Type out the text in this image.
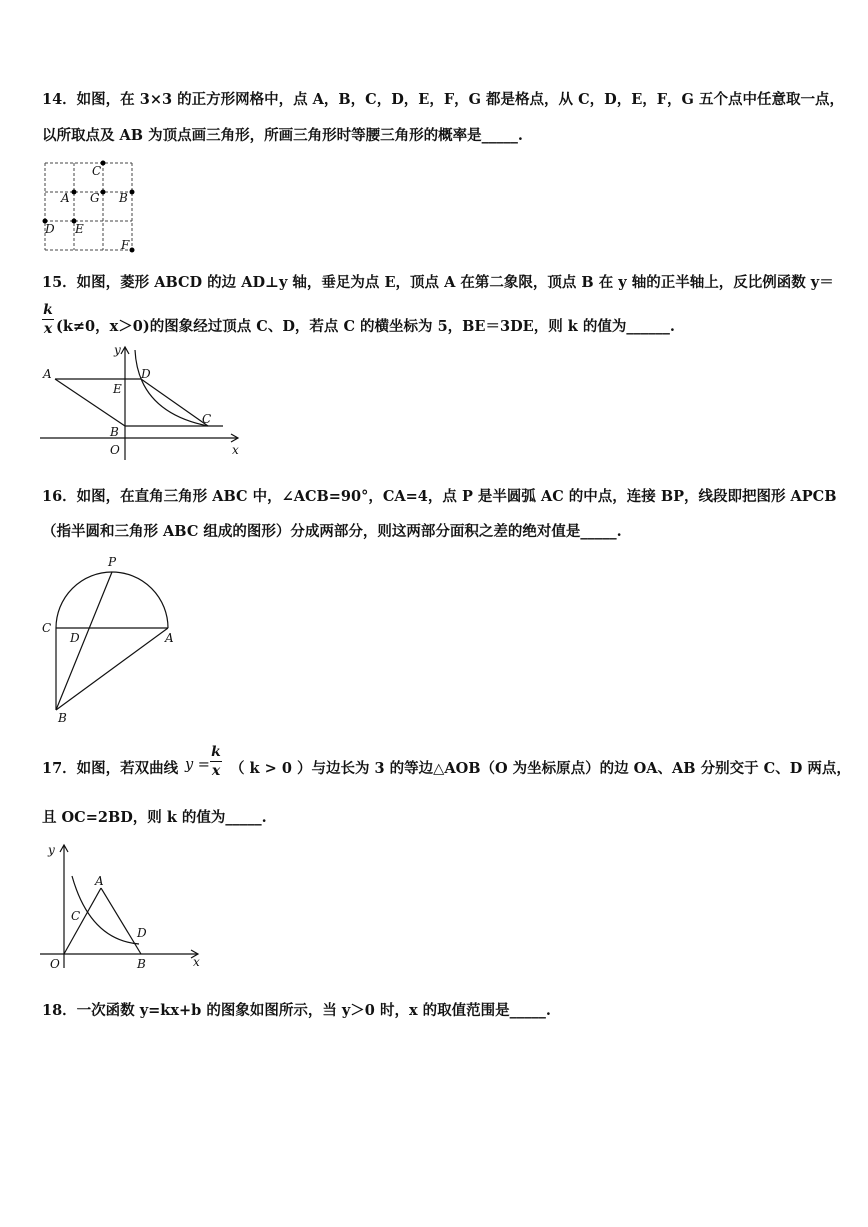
14．如图，在 3×3 的正方形网格中，点 A，B，C，D，E，F，G 都是格点，从 C，D，E，F，G 五个点中任意取一点，
以所取点及 AB 为顶点画三角形，所画三角形时等腰三角形的概率是_____.
C
A G B
D E
F
15．如图，菱形 ABCD 的边 AD⊥y 轴，垂足为点 E，顶点 A 在第二象限，顶点 B 在 y 轴的正半轴上，反比例函数 y＝
k
x (k≠0，x＞0)的图象经过顶点 C、D，若点 C 的横坐标为 5，BE＝3DE，则 k 的值为______.
A	D
E
C
B
O
y
x
16．如图，在直角三角形 ABC 中，∠ACB=90°，CA=4，点 P 是半圆弧 AC 的中点，连接 BP，线段即把图形 APCB
（指半圆和三角形 ABC 组成的图形）分成两部分，则这两部分面积之差的绝对值是_____.
P
C
D	A
B
17．如图，若双曲线 y =
k
x （ k > 0 ）与边长为 3 的等边△AOB（O 为坐标原点）的边 OA、AB 分别交于 C、D 两点，
且 OC=2BD，则 k 的值为_____.
y
A
C
D
O	B	x
18．一次函数 y=kx+b 的图象如图所示，当 y＞0 时，x 的取值范围是_____.
